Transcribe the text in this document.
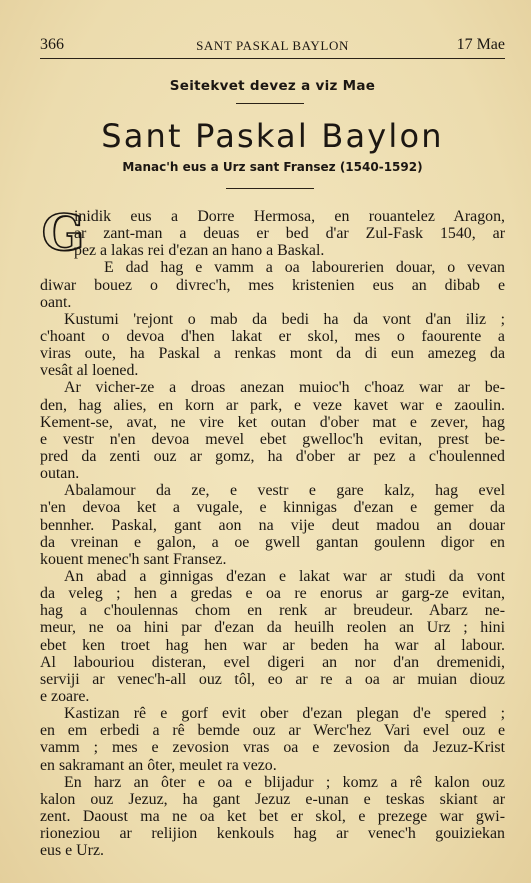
366	SANT PASKAL BAYLON	17 Mae
Seitekvet devez a viz Mae
Sant Paskal Baylon
Manac'h eus a Urz sant Fransez (1540-1592)
G
inidik eus a Dorre Hermosa, en rouantelez Aragon,
ar zant-man a deuas er bed d'ar Zul-Fask 1540, ar
pez a lakas rei d'ezan an hano a Baskal.
E dad hag e vamm a oa labourerien douar, o vevan
diwar bouez o divrec'h, mes kristenien eus an dibab e
oant.
Kustumi 'rejont o mab da bedi ha da vont d'an iliz ;
c'hoant o devoa d'hen lakat er skol, mes o faourente a
viras oute, ha Paskal a renkas mont da di eun amezeg da
vesât al loened.
Ar vicher-ze a droas anezan muioc'h c'hoaz war ar be-
den, hag alies, en korn ar park, e veze kavet war e zaoulin.
Kement-se, avat, ne vire ket outan d'ober mat e zever, hag
e vestr n'en devoa mevel ebet gwelloc'h evitan, prest be-
pred da zenti ouz ar gomz, ha d'ober ar pez a c'houlenned
outan.
Abalamour da ze, e vestr e gare kalz, hag evel
n'en devoa ket a vugale, e kinnigas d'ezan e gemer da
bennher. Paskal, gant aon na vije deut madou an douar
da vreinan e galon, a oe gwell gantan goulenn digor en
kouent menec'h sant Fransez.
An abad a ginnigas d'ezan e lakat war ar studi da vont
da veleg ; hen a gredas e oa re enorus ar garg-ze evitan,
hag a c'houlennas chom en renk ar breudeur. Abarz ne-
meur, ne oa hini par d'ezan da heuilh reolen an Urz ; hini
ebet ken troet hag hen war ar beden ha war al labour.
Al labouriou disteran, evel digeri an nor d'an dremenidi,
serviji ar venec'h-all ouz tôl, eo ar re a oa ar muian diouz
e zoare.
Kastizan rê e gorf evit ober d'ezan plegan d'e spered ;
en em erbedi a rê bemde ouz ar Werc'hez Vari evel ouz e
vamm ; mes e zevosion vras oa e zevosion da Jezuz-Krist
en sakramant an ôter, meulet ra vezo.
En harz an ôter e oa e blijadur ; komz a rê kalon ouz
kalon ouz Jezuz, ha gant Jezuz e-unan e teskas skiant ar
zent. Daoust ma ne oa ket bet er skol, e prezege war gwi-
rioneziou ar relijion kenkouls hag ar venec'h gouiziekan
eus e Urz.
